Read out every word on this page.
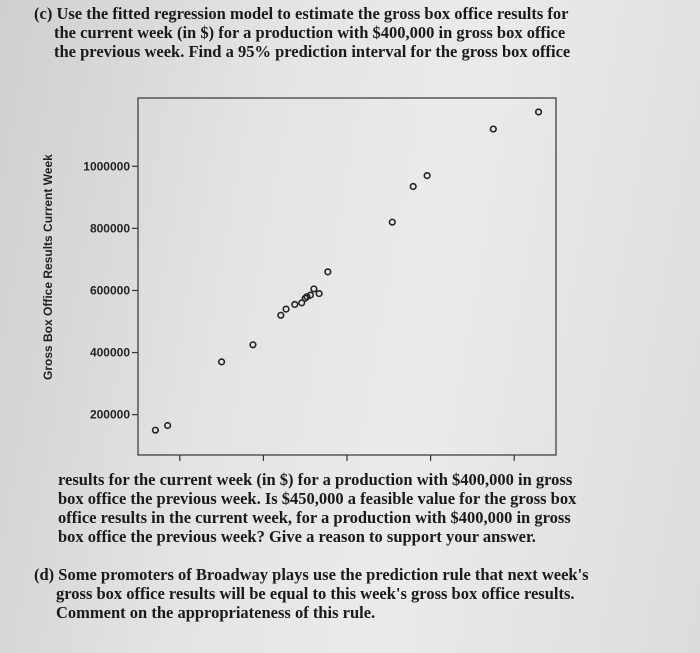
(c) Use the fitted regression model to estimate the gross box office results for
the current week (in $) for a production with $400,000 in gross box office
the previous week. Find a 95% prediction interval for the gross box office
200000
400000
600000
800000
1000000
Gross Box Office Results Current Week
results for the current week (in $) for a production with $400,000 in gross
box office the previous week. Is $450,000 a feasible value for the gross box
office results in the current week, for a production with $400,000 in gross
box office the previous week? Give a reason to support your answer.
(d) Some promoters of Broadway plays use the prediction rule that next week's
gross box office results will be equal to this week's gross box office results.
Comment on the appropriateness of this rule.
